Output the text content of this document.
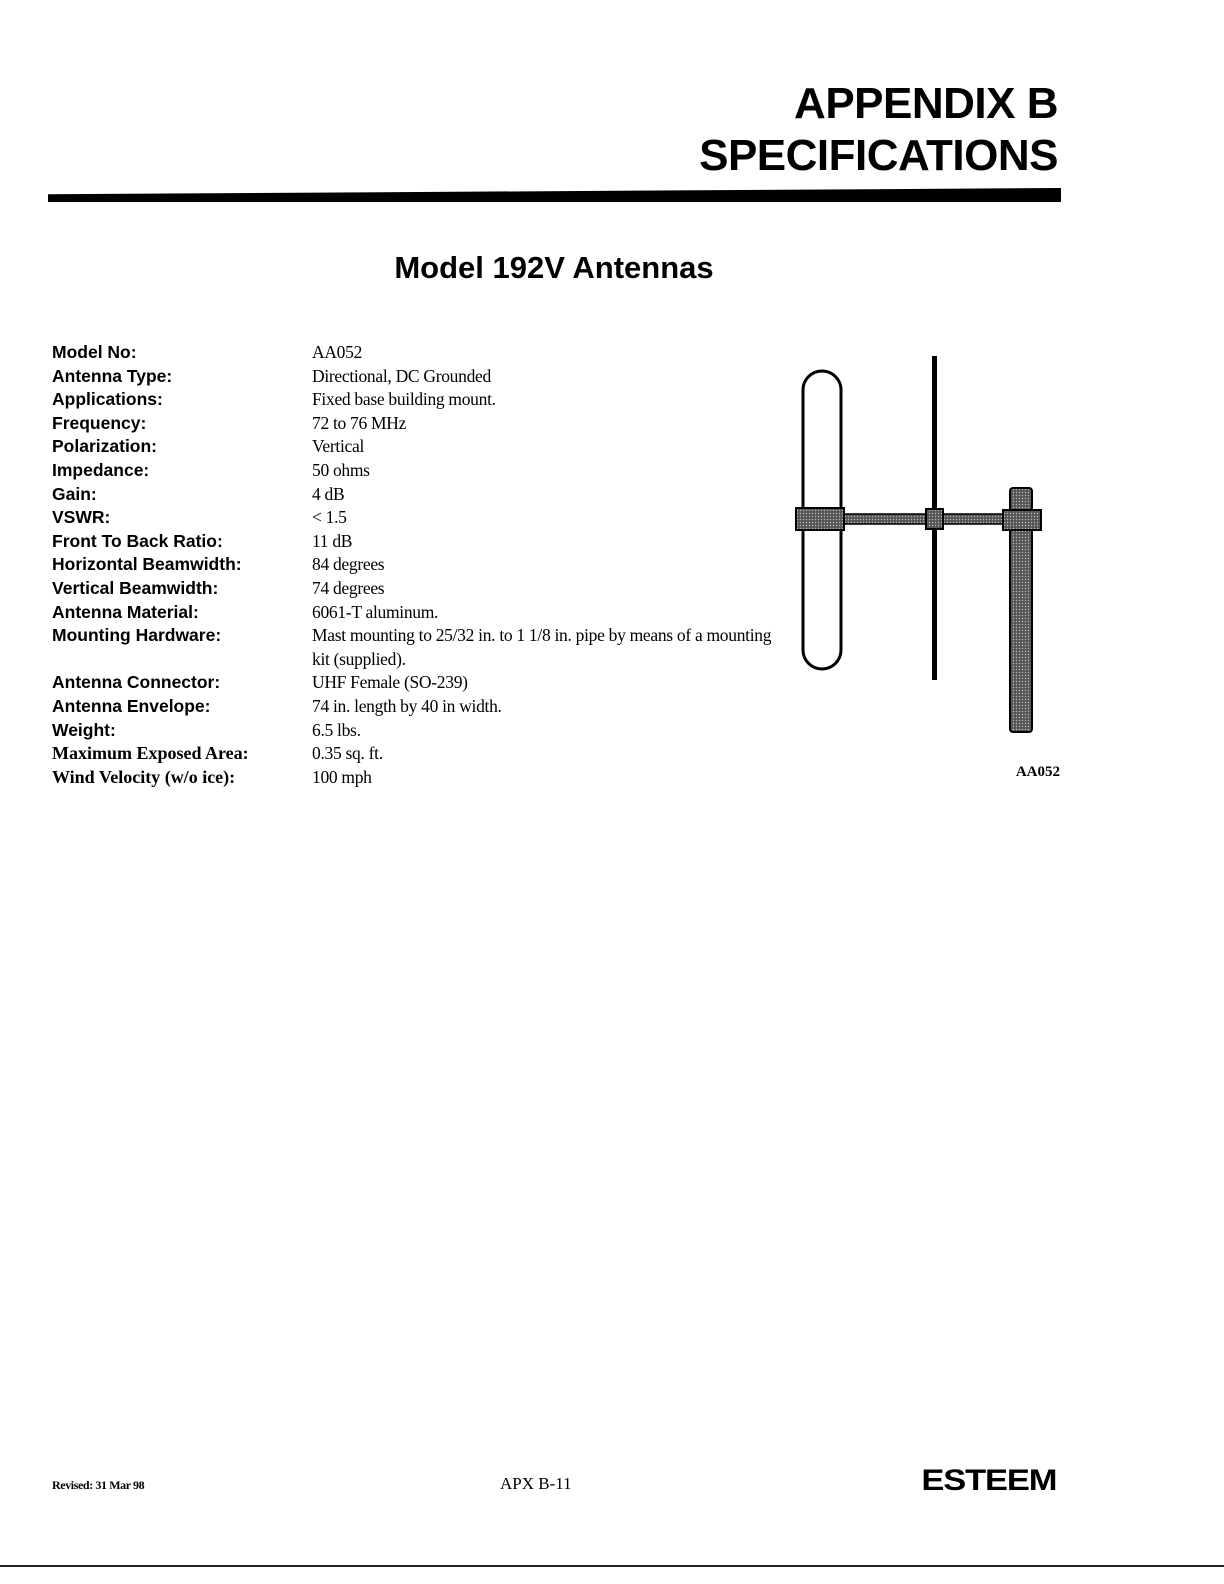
APPENDIX B
SPECIFICATIONS
Model 192V Antennas
Model No:	AA052
Antenna Type:	Directional, DC Grounded
Applications:	Fixed base building mount.
Frequency:	72 to 76 MHz
Polarization:	Vertical
Impedance:	50 ohms
Gain:	4 dB
VSWR:	< 1.5
Front To Back Ratio:	11 dB
Horizontal Beamwidth:	84 degrees
Vertical Beamwidth:	74 degrees
Antenna Material:	6061-T aluminum.
Mounting Hardware:	Mast mounting to 25/32 in. to 1 1/8 in. pipe by means of a mounting kit (supplied).
Antenna Connector:	UHF Female (SO-239)
Antenna Envelope:	74 in. length by 40 in width.
Weight:	6.5 lbs.
Maximum Exposed Area:	0.35 sq. ft.
Wind Velocity (w/o ice):	100 mph	AA052
Revised: 31 Mar 98	APX B-11	ESTEEM
